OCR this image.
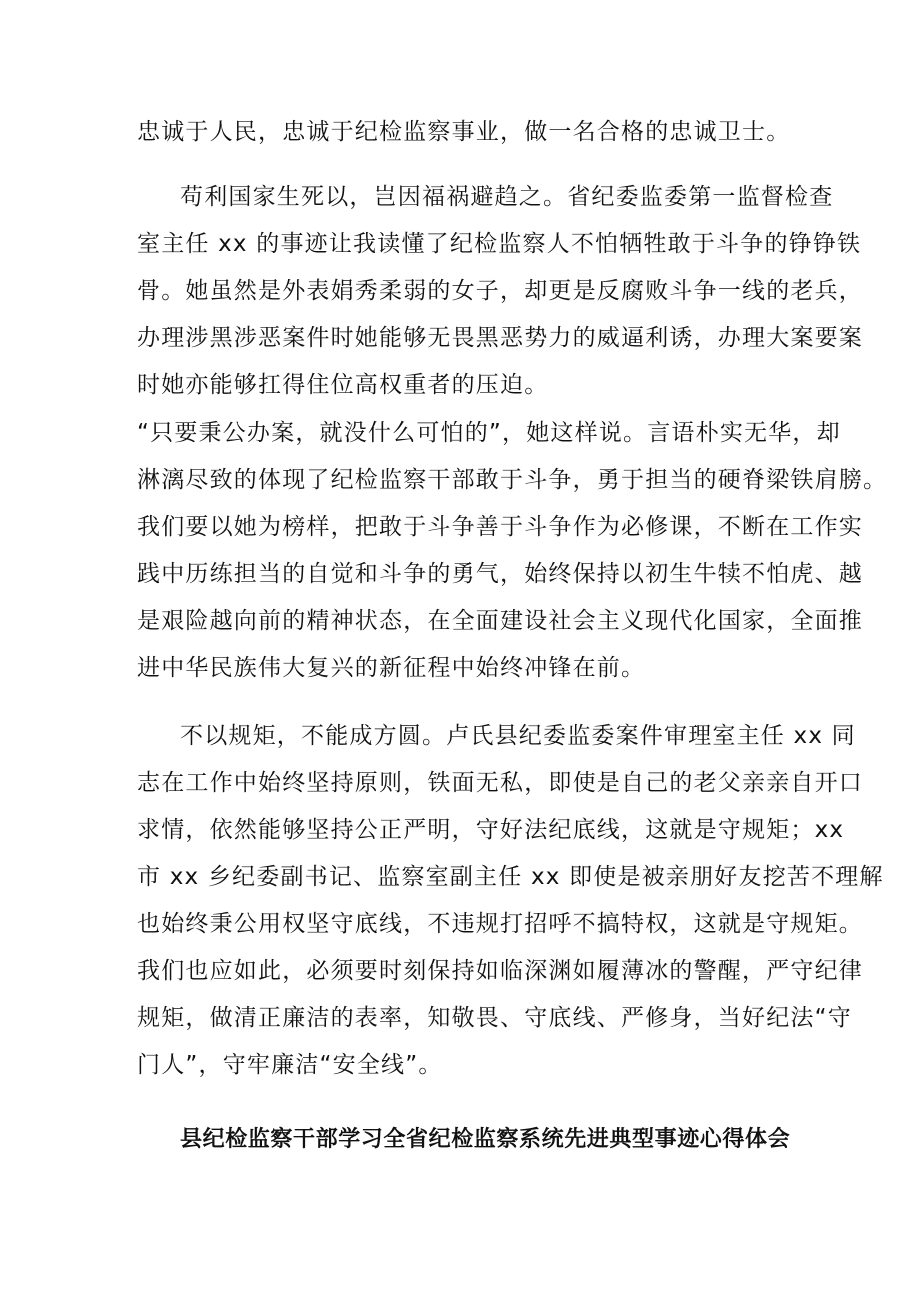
忠诚于人民，忠诚于纪检监察事业，做一名合格的忠诚卫士。
苟利国家生死以，岂因福祸避趋之。省纪委监委第一监督检查
室主任 xx 的事迹让我读懂了纪检监察人不怕牺牲敢于斗争的铮铮铁
骨。她虽然是外表娟秀柔弱的女子，却更是反腐败斗争一线的老兵，
办理涉黑涉恶案件时她能够无畏黑恶势力的威逼利诱，办理大案要案
时她亦能够扛得住位高权重者的压迫。
“只要秉公办案，就没什么可怕的”，她这样说。言语朴实无华，却
淋漓尽致的体现了纪检监察干部敢于斗争，勇于担当的硬脊梁铁肩膀。
我们要以她为榜样，把敢于斗争善于斗争作为必修课，不断在工作实
践中历练担当的自觉和斗争的勇气，始终保持以初生牛犊不怕虎、越
是艰险越向前的精神状态，在全面建设社会主义现代化国家，全面推
进中华民族伟大复兴的新征程中始终冲锋在前。
不以规矩，不能成方圆。卢氏县纪委监委案件审理室主任 xx 同
志在工作中始终坚持原则，铁面无私，即使是自己的老父亲亲自开口
求情，依然能够坚持公正严明，守好法纪底线，这就是守规矩；xx
市 xx 乡纪委副书记、监察室副主任 xx 即使是被亲朋好友挖苦不理解
也始终秉公用权坚守底线，不违规打招呼不搞特权，这就是守规矩。
我们也应如此，必须要时刻保持如临深渊如履薄冰的警醒，严守纪律
规矩，做清正廉洁的表率，知敬畏、守底线、严修身，当好纪法“守
门人”，守牢廉洁“安全线”。
县纪检监察干部学习全省纪检监察系统先进典型事迹心得体会
